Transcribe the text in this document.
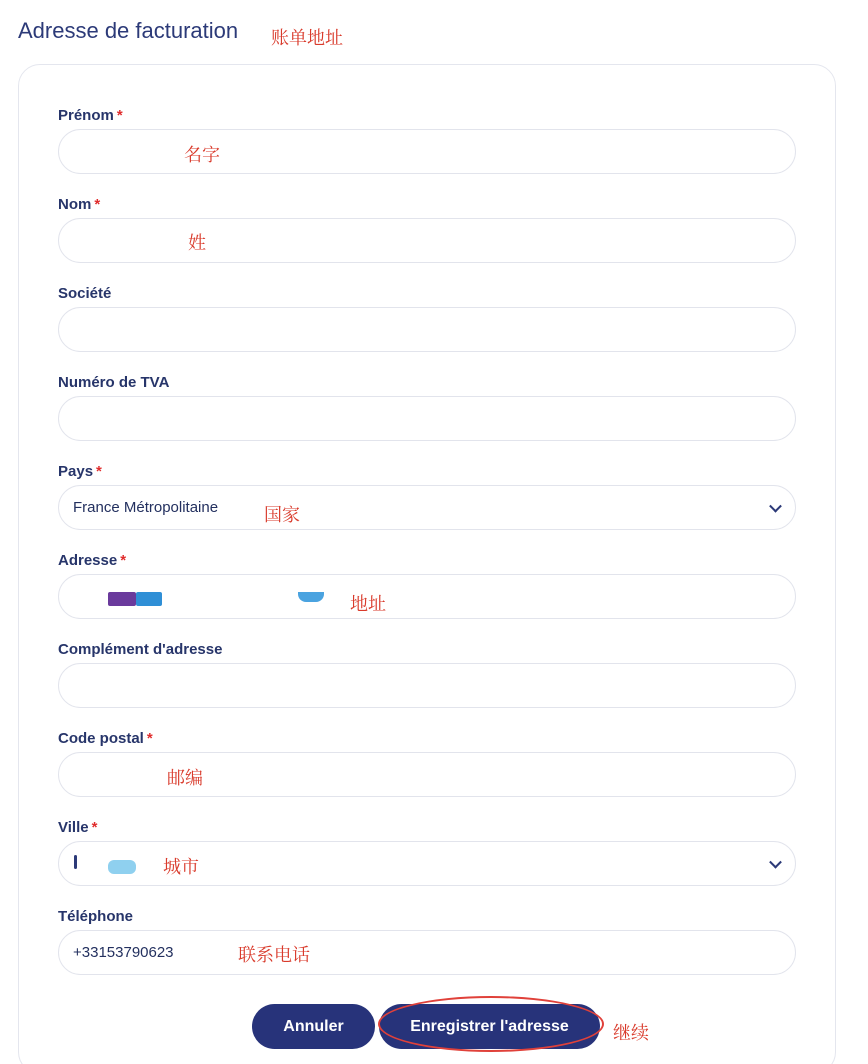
Adresse de facturation 账单地址
Prénom *
名字
Nom *
姓
Société
Numéro de TVA
Pays *
France Métropolitaine	国家
Adresse *
地址
Complément d'adresse
Code postal *
邮编
Ville *
城市
Téléphone
+33153790623	联系电话
Annuler	Enregistrer l'adresse	继续
